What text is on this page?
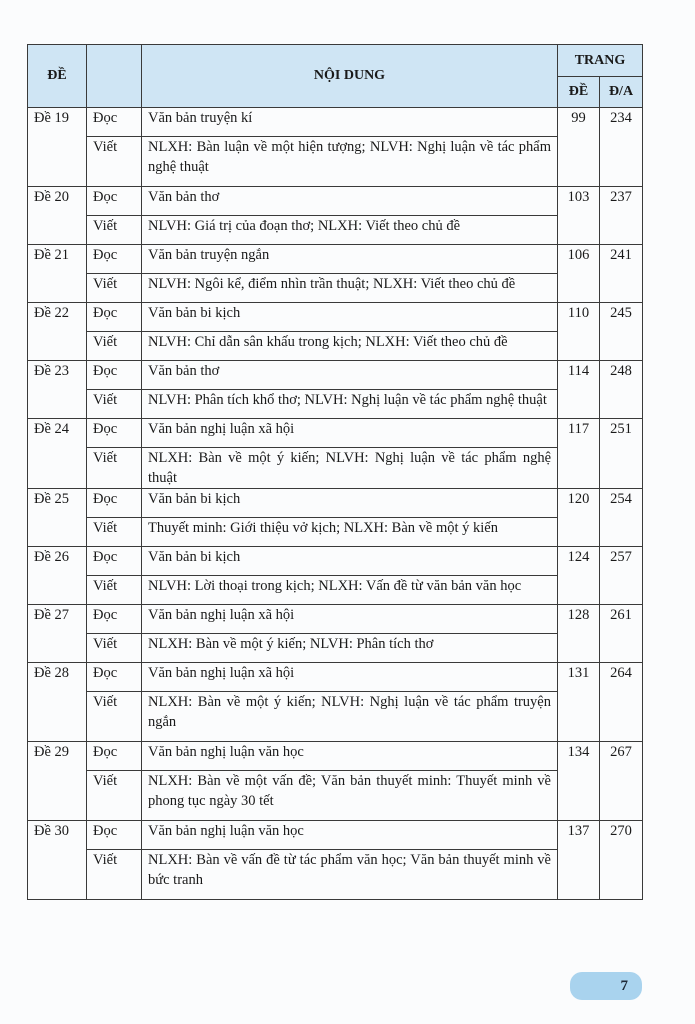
ĐỀ		NỘI DUNG	TRANG	
			ĐỀ	Đ/A
Đề 19	Đọc	Văn bản truyện kí	99	234
	Viết	NLXH: Bàn luận về một hiện tượng; NLVH: Nghị luận về tác phẩm nghệ thuật		
Đề 20	Đọc	Văn bản thơ	103	237
	Viết	NLVH: Giá trị của đoạn thơ; NLXH: Viết theo chủ đề		
Đề 21	Đọc	Văn bản truyện ngắn	106	241
	Viết	NLVH: Ngôi kể, điểm nhìn trần thuật; NLXH: Viết theo chủ đề		
Đề 22	Đọc	Văn bản bi kịch	110	245
	Viết	NLVH: Chỉ dẫn sân khấu trong kịch; NLXH: Viết theo chủ đề		
Đề 23	Đọc	Văn bản thơ	114	248
	Viết	NLVH: Phân tích khổ thơ; NLVH: Nghị luận về tác phẩm nghệ thuật		
Đề 24	Đọc	Văn bản nghị luận xã hội	117	251
	Viết	NLXH: Bàn về một ý kiến; NLVH: Nghị luận về tác phẩm nghệ thuật		
Đề 25	Đọc	Văn bản bi kịch	120	254
	Viết	Thuyết minh: Giới thiệu vở kịch; NLXH: Bàn về một ý kiến		
Đề 26	Đọc	Văn bản bi kịch	124	257
	Viết	NLVH: Lời thoại trong kịch; NLXH: Vấn đề từ văn bản văn học		
Đề 27	Đọc	Văn bản nghị luận xã hội	128	261
	Viết	NLXH: Bàn về một ý kiến; NLVH: Phân tích thơ		
Đề 28	Đọc	Văn bản nghị luận xã hội	131	264
	Viết	NLXH: Bàn về một ý kiến; NLVH: Nghị luận về tác phẩm truyện ngắn		
Đề 29	Đọc	Văn bản nghị luận văn học	134	267
	Viết	NLXH: Bàn về một vấn đề; Văn bản thuyết minh: Thuyết minh về phong tục ngày 30 tết		
Đề 30	Đọc	Văn bản nghị luận văn học	137	270
	Viết	NLXH: Bàn về vấn đề từ tác phẩm văn học; Văn bản thuyết minh về bức tranh		
7
